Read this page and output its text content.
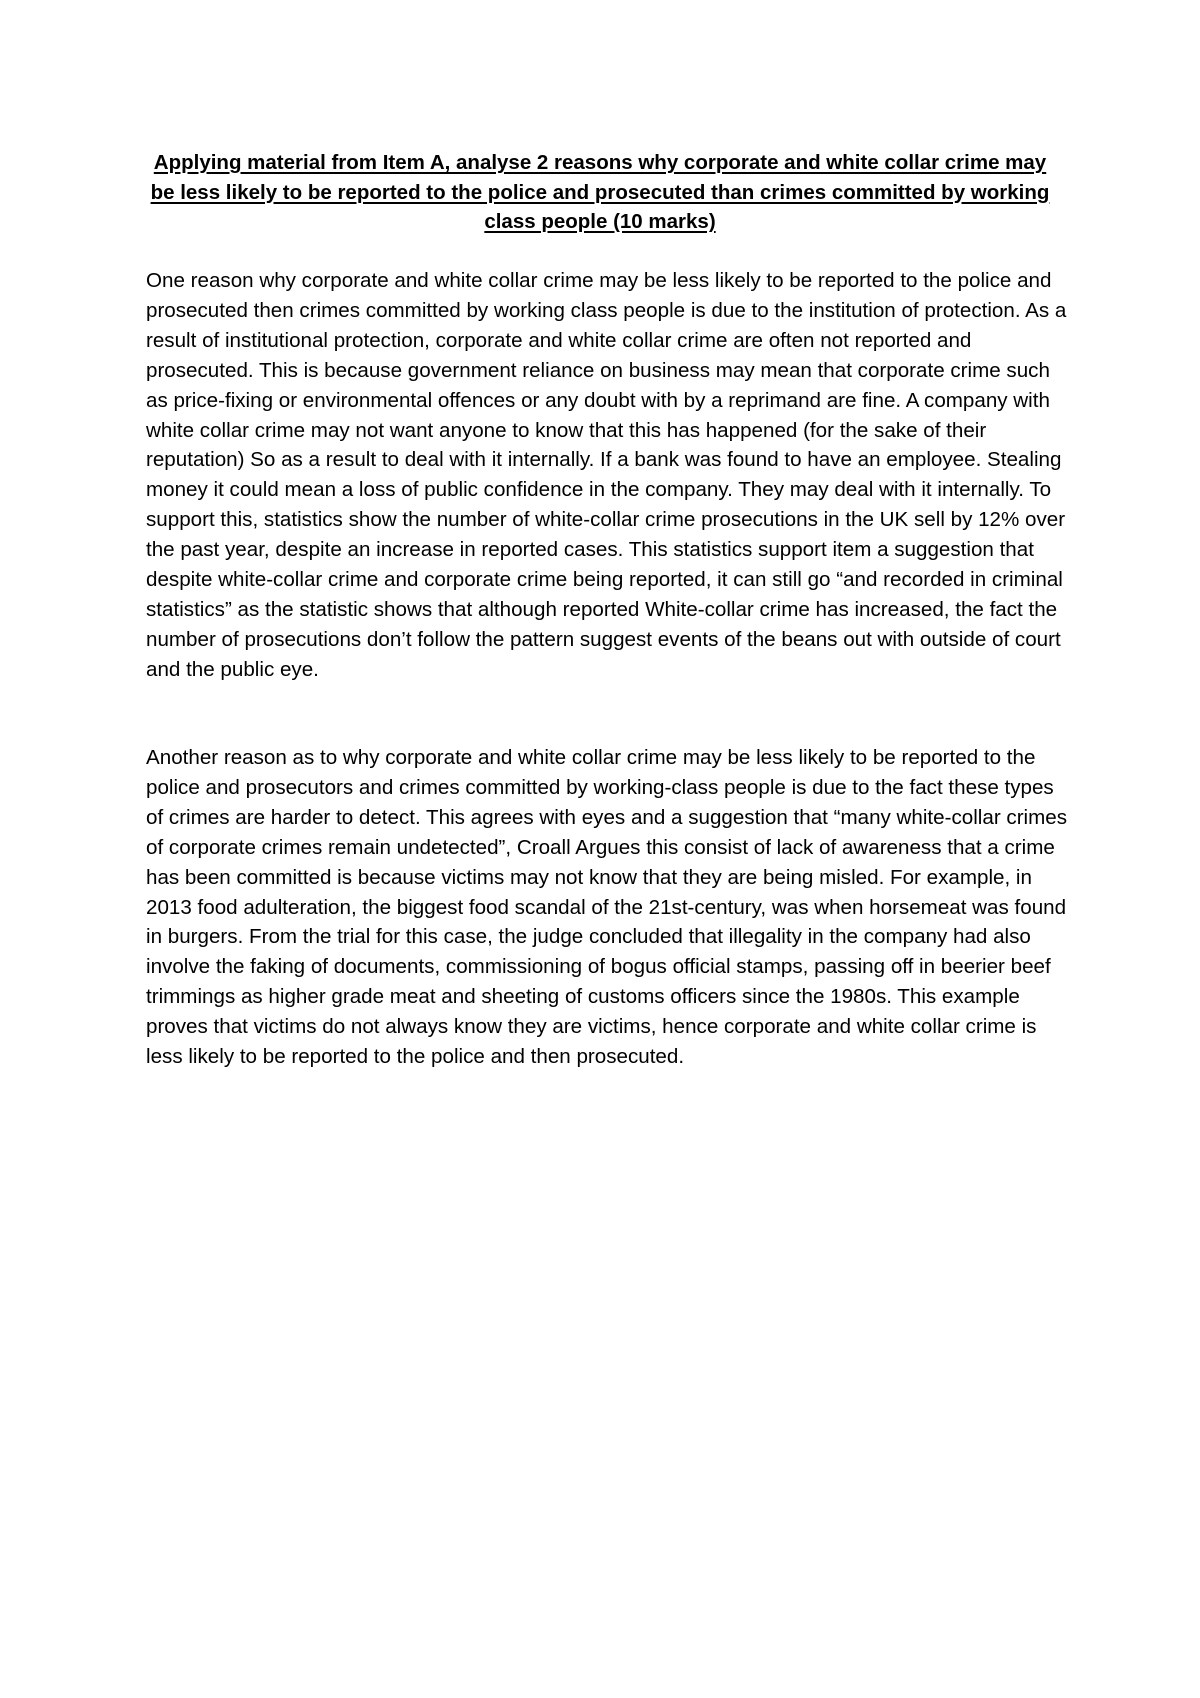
Applying material from Item A, analyse 2 reasons why corporate and white collar crime may be less likely to be reported to the police and prosecuted than crimes committed by working class people (10 marks)

One reason why corporate and white collar crime may be less likely to be reported to the police and prosecuted then crimes committed by working class people is due to the institution of protection. As a result of institutional protection, corporate and white collar crime are often not reported and prosecuted. This is because government reliance on business may mean that corporate crime such as price-fixing or environmental offences or any doubt with by a reprimand are fine. A company with white collar crime may not want anyone to know that this has happened (for the sake of their reputation) So as a result to deal with it internally. If a bank was found to have an employee. Stealing money it could mean a loss of public confidence in the company. They may deal with it internally. To support this, statistics show the number of white-collar crime prosecutions in the UK sell by 12% over the past year, despite an increase in reported cases. This statistics support item a suggestion that despite white-collar crime and corporate crime being reported, it can still go “and recorded in criminal statistics” as the statistic shows that although reported White-collar crime has increased, the fact the number of prosecutions don’t follow the pattern suggest events of the beans out with outside of court and the public eye.

Another reason as to why corporate and white collar crime may be less likely to be reported to the police and prosecutors and crimes committed by working-class people is due to the fact these types of crimes are harder to detect. This agrees with eyes and a suggestion that “many white-collar crimes of corporate crimes remain undetected”, Croall Argues this consist of lack of awareness that a crime has been committed is because victims may not know that they are being misled. For example, in 2013 food adulteration, the biggest food scandal of the 21st-century, was when horsemeat was found in burgers. From the trial for this case, the judge concluded that illegality in the company had also involve the faking of documents, commissioning of bogus official stamps, passing off in beerier beef trimmings as higher grade meat and sheeting of customs officers since the 1980s. This example proves that victims do not always know they are victims, hence corporate and white collar crime is less likely to be reported to the police and then prosecuted.
